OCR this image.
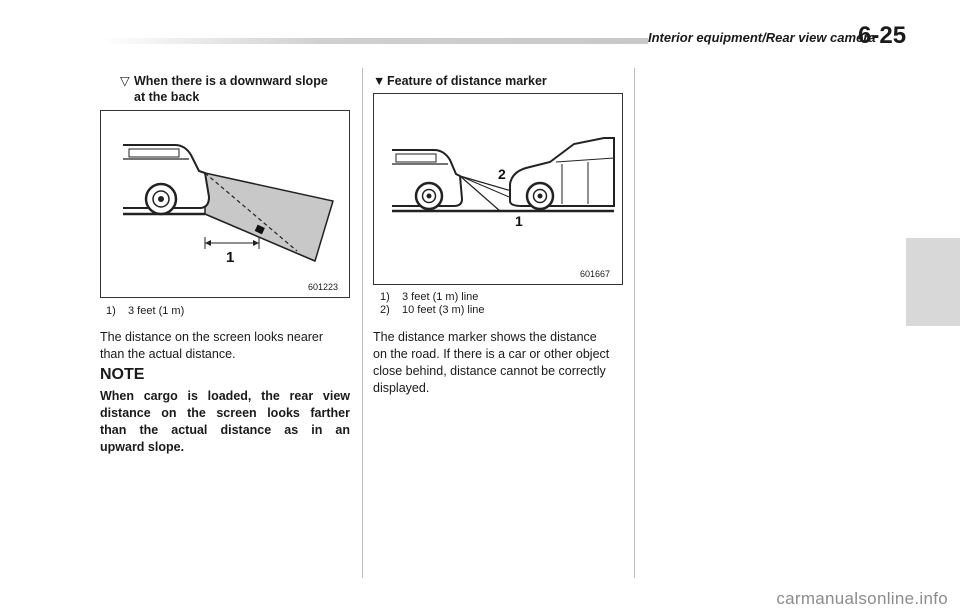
Interior equipment/Rear view camera
6-25
▽ When there is a downward slope
at the back
1
601223
1) 3 feet (1 m)
The distance on the screen looks nearer
than the actual distance.
NOTE
When cargo is loaded, the rear view
distance on the screen looks farther
than the actual distance as in an
upward slope.
▼ Feature of distance marker
2
1
601667
1) 3 feet (1 m) line
2) 10 feet (3 m) line
The distance marker shows the distance
on the road. If there is a car or other object
close behind, distance cannot be correctly
displayed.
carmanualsonline.info
